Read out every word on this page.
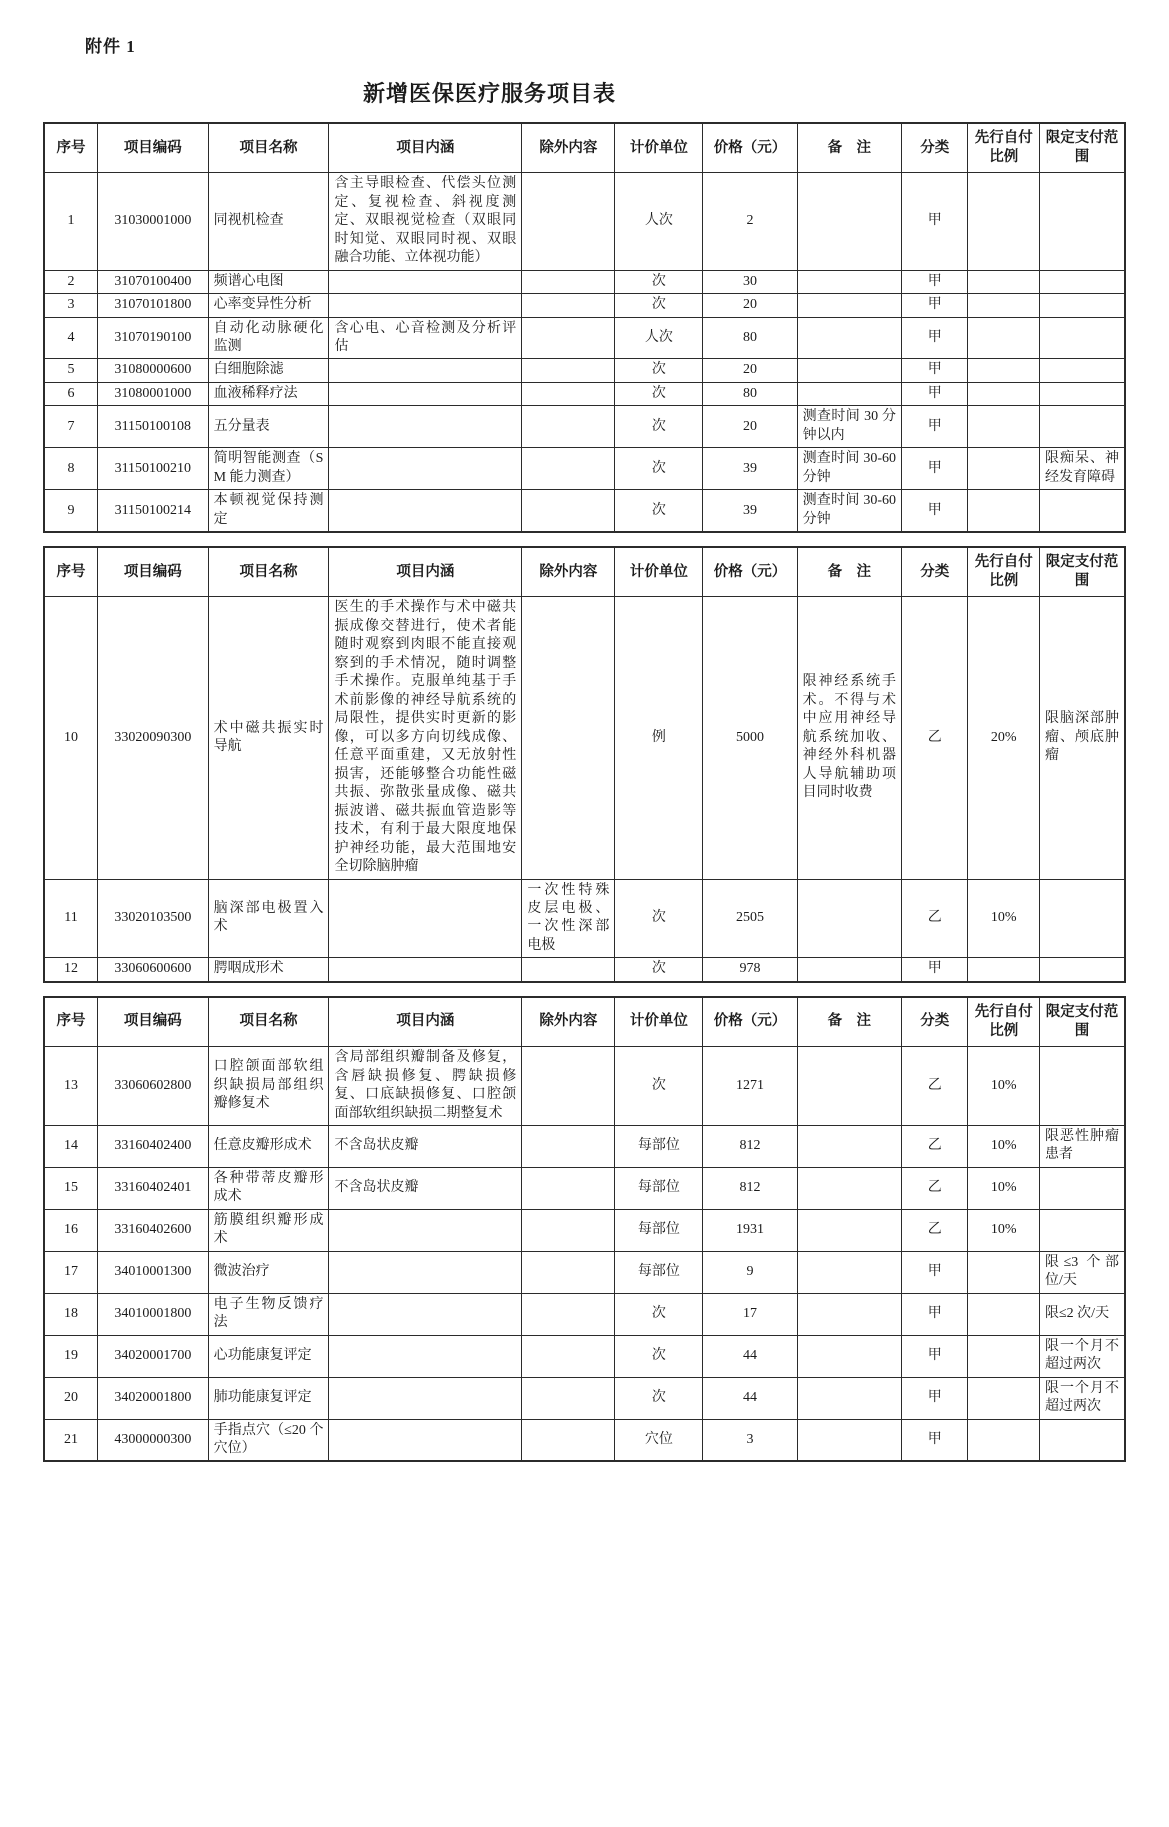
附件 1
新增医保医疗服务项目表
序号	项目编码	项目名称	项目内涵	除外内容	计价单位	价格（元）	备　注	分类	先行自付比例	限定支付范围
1	31030001000	同视机检查	含主导眼检查、代偿头位测定、复视检查、斜视度测定、双眼视觉检查（双眼同时知觉、双眼同时视、双眼融合功能、立体视功能）		人次	2		甲		
2	31070100400	频谱心电图			次	30		甲		
3	31070101800	心率变异性分析			次	20		甲		
4	31070190100	自动化动脉硬化监测	含心电、心音检测及分析评估		人次	80		甲		
5	31080000600	白细胞除滤			次	20		甲		
6	31080001000	血液稀释疗法			次	80		甲		
7	31150100108	五分量表			次	20	测查时间 30 分钟以内	甲		
8	31150100210	简明智能测查（SM 能力测查）			次	39	测查时间 30-60 分钟	甲		限痴呆、神经发育障碍
9	31150100214	本顿视觉保持测定			次	39	测查时间 30-60 分钟	甲		
序号	项目编码	项目名称	项目内涵	除外内容	计价单位	价格（元）	备　注	分类	先行自付比例	限定支付范围
10	33020090300	术中磁共振实时导航	医生的手术操作与术中磁共振成像交替进行，使术者能随时观察到肉眼不能直接观察到的手术情况，随时调整手术操作。克服单纯基于手术前影像的神经导航系统的局限性，提供实时更新的影像，可以多方向切线成像、任意平面重建，又无放射性损害，还能够整合功能性磁共振、弥散张量成像、磁共振波谱、磁共振血管造影等技术，有利于最大限度地保护神经功能，最大范围地安全切除脑肿瘤		例	5000	限神经系统手术。不得与术中应用神经导航系统加收、神经外科机器人导航辅助项目同时收费	乙	20%	限脑深部肿瘤、颅底肿瘤
11	33020103500	脑深部电极置入术		一次性特殊皮层电极、一次性深部电极	次	2505		乙	10%	
12	33060600600	腭咽成形术			次	978		甲		
序号	项目编码	项目名称	项目内涵	除外内容	计价单位	价格（元）	备　注	分类	先行自付比例	限定支付范围
13	33060602800	口腔颌面部软组织缺损局部组织瓣修复术	含局部组织瓣制备及修复，含唇缺损修复、腭缺损修复、口底缺损修复、口腔颌面部软组织缺损二期整复术		次	1271		乙	10%	
14	33160402400	任意皮瓣形成术	不含岛状皮瓣		每部位	812		乙	10%	限恶性肿瘤患者
15	33160402401	各种带蒂皮瓣形成术	不含岛状皮瓣		每部位	812		乙	10%	
16	33160402600	筋膜组织瓣形成术			每部位	1931		乙	10%	
17	34010001300	微波治疗			每部位	9		甲		限≤3 个部位/天
18	34010001800	电子生物反馈疗法			次	17		甲		限≤2 次/天
19	34020001700	心功能康复评定			次	44		甲		限一个月不超过两次
20	34020001800	肺功能康复评定			次	44		甲		限一个月不超过两次
21	43000000300	手指点穴（≤20 个穴位）			穴位	3		甲		
